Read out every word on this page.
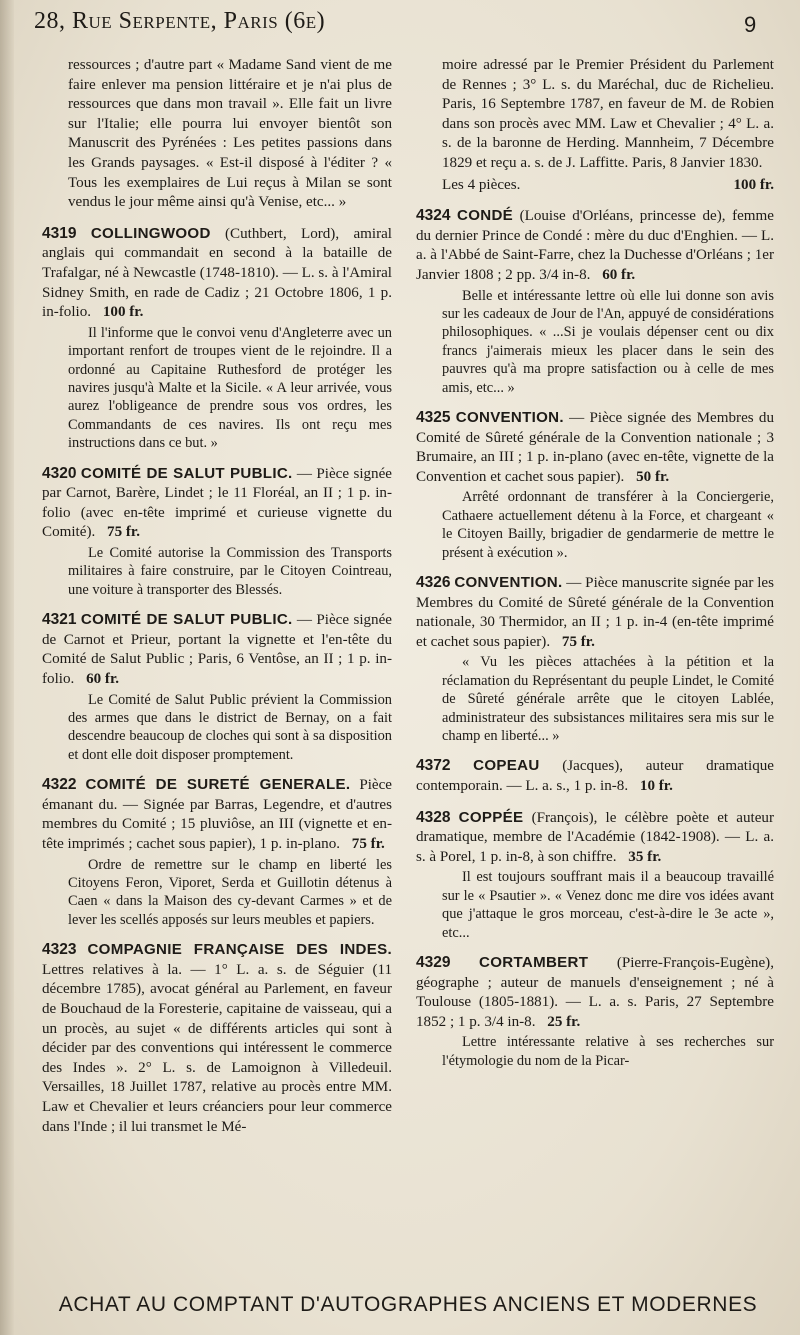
28, Rue Serpente, Paris (6e)	9
ressources ; d'autre part « Madame Sand vient de me faire enlever ma pension littéraire et je n'ai plus de ressources que dans mon travail ». Elle fait un livre sur l'Italie; elle pourra lui envoyer bientôt son Manuscrit des Pyrénées : Les petites passions dans les Grands paysages. « Est-il disposé à l'éditer ? « Tous les exemplaires de Lui reçus à Milan se sont vendus le jour même ainsi qu'à Venise, etc... »
4319 COLLINGWOOD (Cuthbert, Lord), amiral anglais qui commandait en second à la bataille de Trafalgar, né à Newcastle (1748-1810). — L. s. à l'Amiral Sidney Smith, en rade de Cadiz ; 21 Octobre 1806, 1 p. in-folio. 100 fr.
Il l'informe que le convoi venu d'Angleterre avec un important renfort de troupes vient de le rejoindre. Il a ordonné au Capitaine Ruthesford de protéger les navires jusqu'à Malte et la Sicile. « A leur arrivée, vous aurez l'obligeance de prendre sous vos ordres, les Commandants de ces navires. Ils ont reçu mes instructions dans ce but. »
4320 COMITÉ DE SALUT PUBLIC. — Pièce signée par Carnot, Barère, Lindet ; le 11 Floréal, an II ; 1 p. in-folio (avec en-tête imprimé et curieuse vignette du Comité). 75 fr.
Le Comité autorise la Commission des Transports militaires à faire construire, par le Citoyen Cointreau, une voiture à transporter des Blessés.
4321 COMITÉ DE SALUT PUBLIC. — Pièce signée de Carnot et Prieur, portant la vignette et l'en-tête du Comité de Salut Public ; Paris, 6 Ventôse, an II ; 1 p. in-folio. 60 fr.
Le Comité de Salut Public prévient la Commission des armes que dans le district de Bernay, on a fait descendre beaucoup de cloches qui sont à sa disposition et dont elle doit disposer promptement.
4322 COMITÉ DE SURETÉ GENERALE. Pièce émanant du. — Signée par Barras, Legendre, et d'autres membres du Comité ; 15 pluviôse, an III (vignette et en-tête imprimés ; cachet sous papier), 1 p. in-plano. 75 fr.
Ordre de remettre sur le champ en liberté les Citoyens Feron, Viporet, Serda et Guillotin détenus à Caen « dans la Maison des cy-devant Carmes » et de lever les scellés apposés sur leurs meubles et papiers.
4323 COMPAGNIE FRANÇAISE DES INDES. Lettres relatives à la. — 1° L. a. s. de Séguier (11 décembre 1785), avocat général au Parlement, en faveur de Bouchaud de la Foresterie, capitaine de vaisseau, qui a un procès, au sujet « de différents articles qui sont à décider par des conventions qui intéressent le commerce des Indes ». 2° L. s. de Lamoignon à Villedeuil. Versailles, 18 Juillet 1787, relative au procès entre MM. Law et Chevalier et leurs créanciers pour leur commerce dans l'Inde ; il lui transmet le Mé-
moire adressé par le Premier Président du Parlement de Rennes ; 3° L. s. du Maréchal, duc de Richelieu. Paris, 16 Septembre 1787, en faveur de M. de Robien dans son procès avec MM. Law et Chevalier ; 4° L. a. s. de la baronne de Herding. Mannheim, 7 Décembre 1829 et reçu a. s. de J. Laffitte. Paris, 8 Janvier 1830.
Les 4 pièces.	100 fr.
4324 CONDÉ (Louise d'Orléans, princesse de), femme du dernier Prince de Condé : mère du duc d'Enghien. — L. a. à l'Abbé de Saint-Farre, chez la Duchesse d'Orléans ; 1er Janvier 1808 ; 2 pp. 3/4 in-8. 60 fr.
Belle et intéressante lettre où elle lui donne son avis sur les cadeaux de Jour de l'An, appuyé de considérations philosophiques. « ...Si je voulais dépenser cent ou dix francs j'aimerais mieux les placer dans le sein des pauvres qu'à ma propre satisfaction ou à celle de mes amis, etc... »
4325 CONVENTION. — Pièce signée des Membres du Comité de Sûreté générale de la Convention nationale ; 3 Brumaire, an III ; 1 p. in-plano (avec en-tête, vignette de la Convention et cachet sous papier). 50 fr.
Arrêté ordonnant de transférer à la Conciergerie, Cathaere actuellement détenu à la Force, et chargeant « le Citoyen Bailly, brigadier de gendarmerie de mettre le présent à exécution ».
4326 CONVENTION. — Pièce manuscrite signée par les Membres du Comité de Sûreté générale de la Convention nationale, 30 Thermidor, an II ; 1 p. in-4 (en-tête imprimé et cachet sous papier). 75 fr.
« Vu les pièces attachées à la pétition et la réclamation du Représentant du peuple Lindet, le Comité de Sûreté générale arrête que le citoyen Lablée, administrateur des subsistances militaires sera mis sur le champ en liberté... »
4372 COPEAU (Jacques), auteur dramatique contemporain. — L. a. s., 1 p. in-8. 10 fr.
4328 COPPÉE (François), le célèbre poète et auteur dramatique, membre de l'Académie (1842-1908). — L. a. s. à Porel, 1 p. in-8, à son chiffre. 35 fr.
Il est toujours souffrant mais il a beaucoup travaillé sur le « Psautier ». « Venez donc me dire vos idées avant que j'attaque le gros morceau, c'est-à-dire le 3e acte », etc...
4329 CORTAMBERT (Pierre-François-Eugène), géographe ; auteur de manuels d'enseignement ; né à Toulouse (1805-1881). — L. a. s. Paris, 27 Septembre 1852 ; 1 p. 3/4 in-8. 25 fr.
Lettre intéressante relative à ses recherches sur l'étymologie du nom de la Picar-
ACHAT AU COMPTANT D'AUTOGRAPHES ANCIENS ET MODERNES
